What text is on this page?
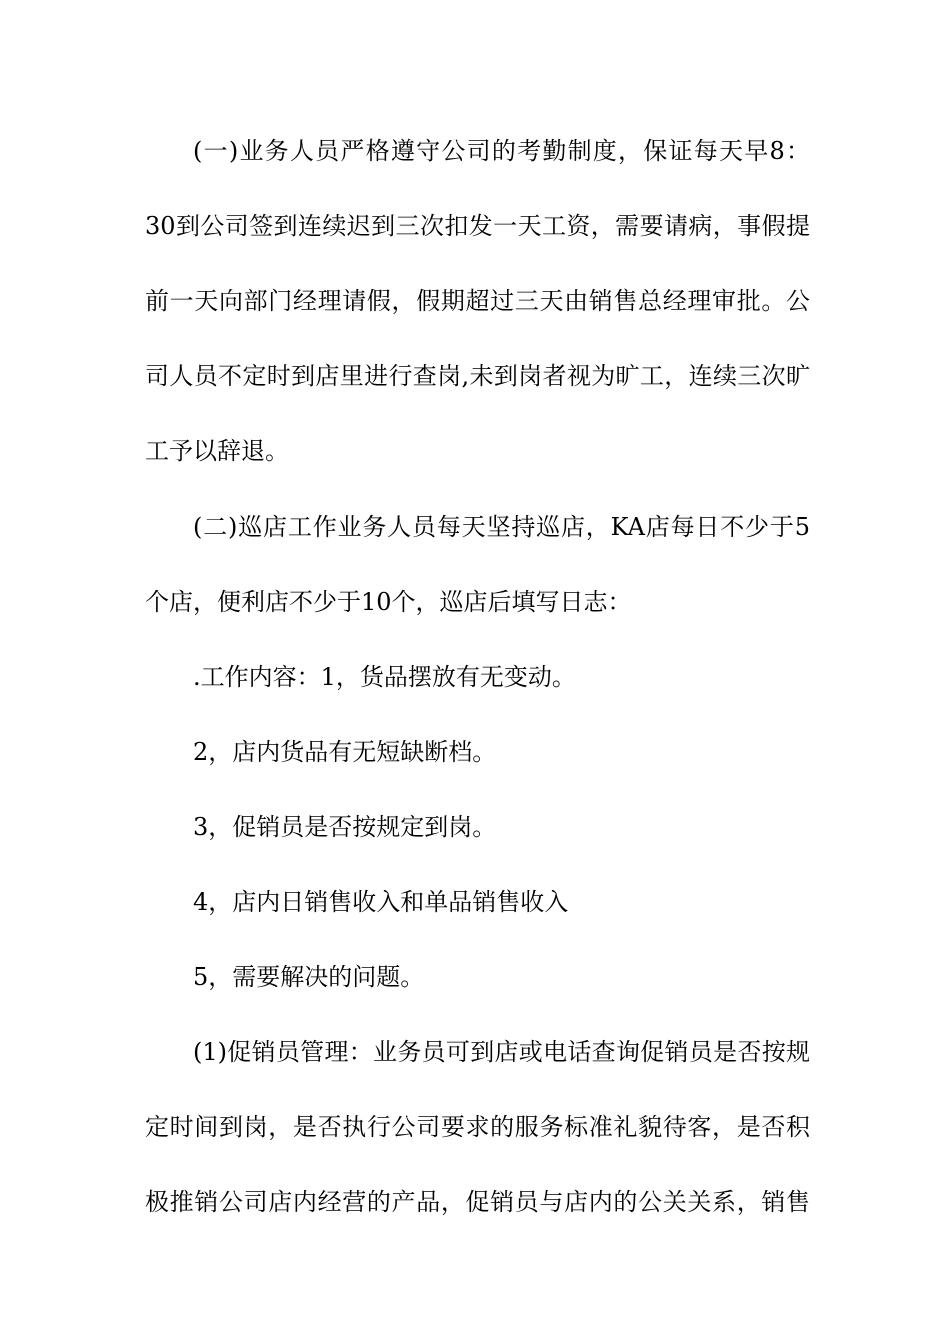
(一)业务人员严格遵守公司的考勤制度，保证每天早8：
30到公司签到连续迟到三次扣发一天工资，需要请病，事假提
前一天向部门经理请假，假期超过三天由销售总经理审批。公
司人员不定时到店里进行查岗,未到岗者视为旷工，连续三次旷
工予以辞退。
(二)巡店工作业务人员每天坚持巡店，KA店每日不少于5
个店，便利店不少于10个，巡店后填写日志：
.工作内容：1，货品摆放有无变动。
2，店内货品有无短缺断档。
3，促销员是否按规定到岗。
4，店内日销售收入和单品销售收入
5，需要解决的问题。
(1)促销员管理：业务员可到店或电话查询促销员是否按规
定时间到岗，是否执行公司要求的服务标准礼貌待客，是否积
极推销公司店内经营的产品，促销员与店内的公关关系，销售
